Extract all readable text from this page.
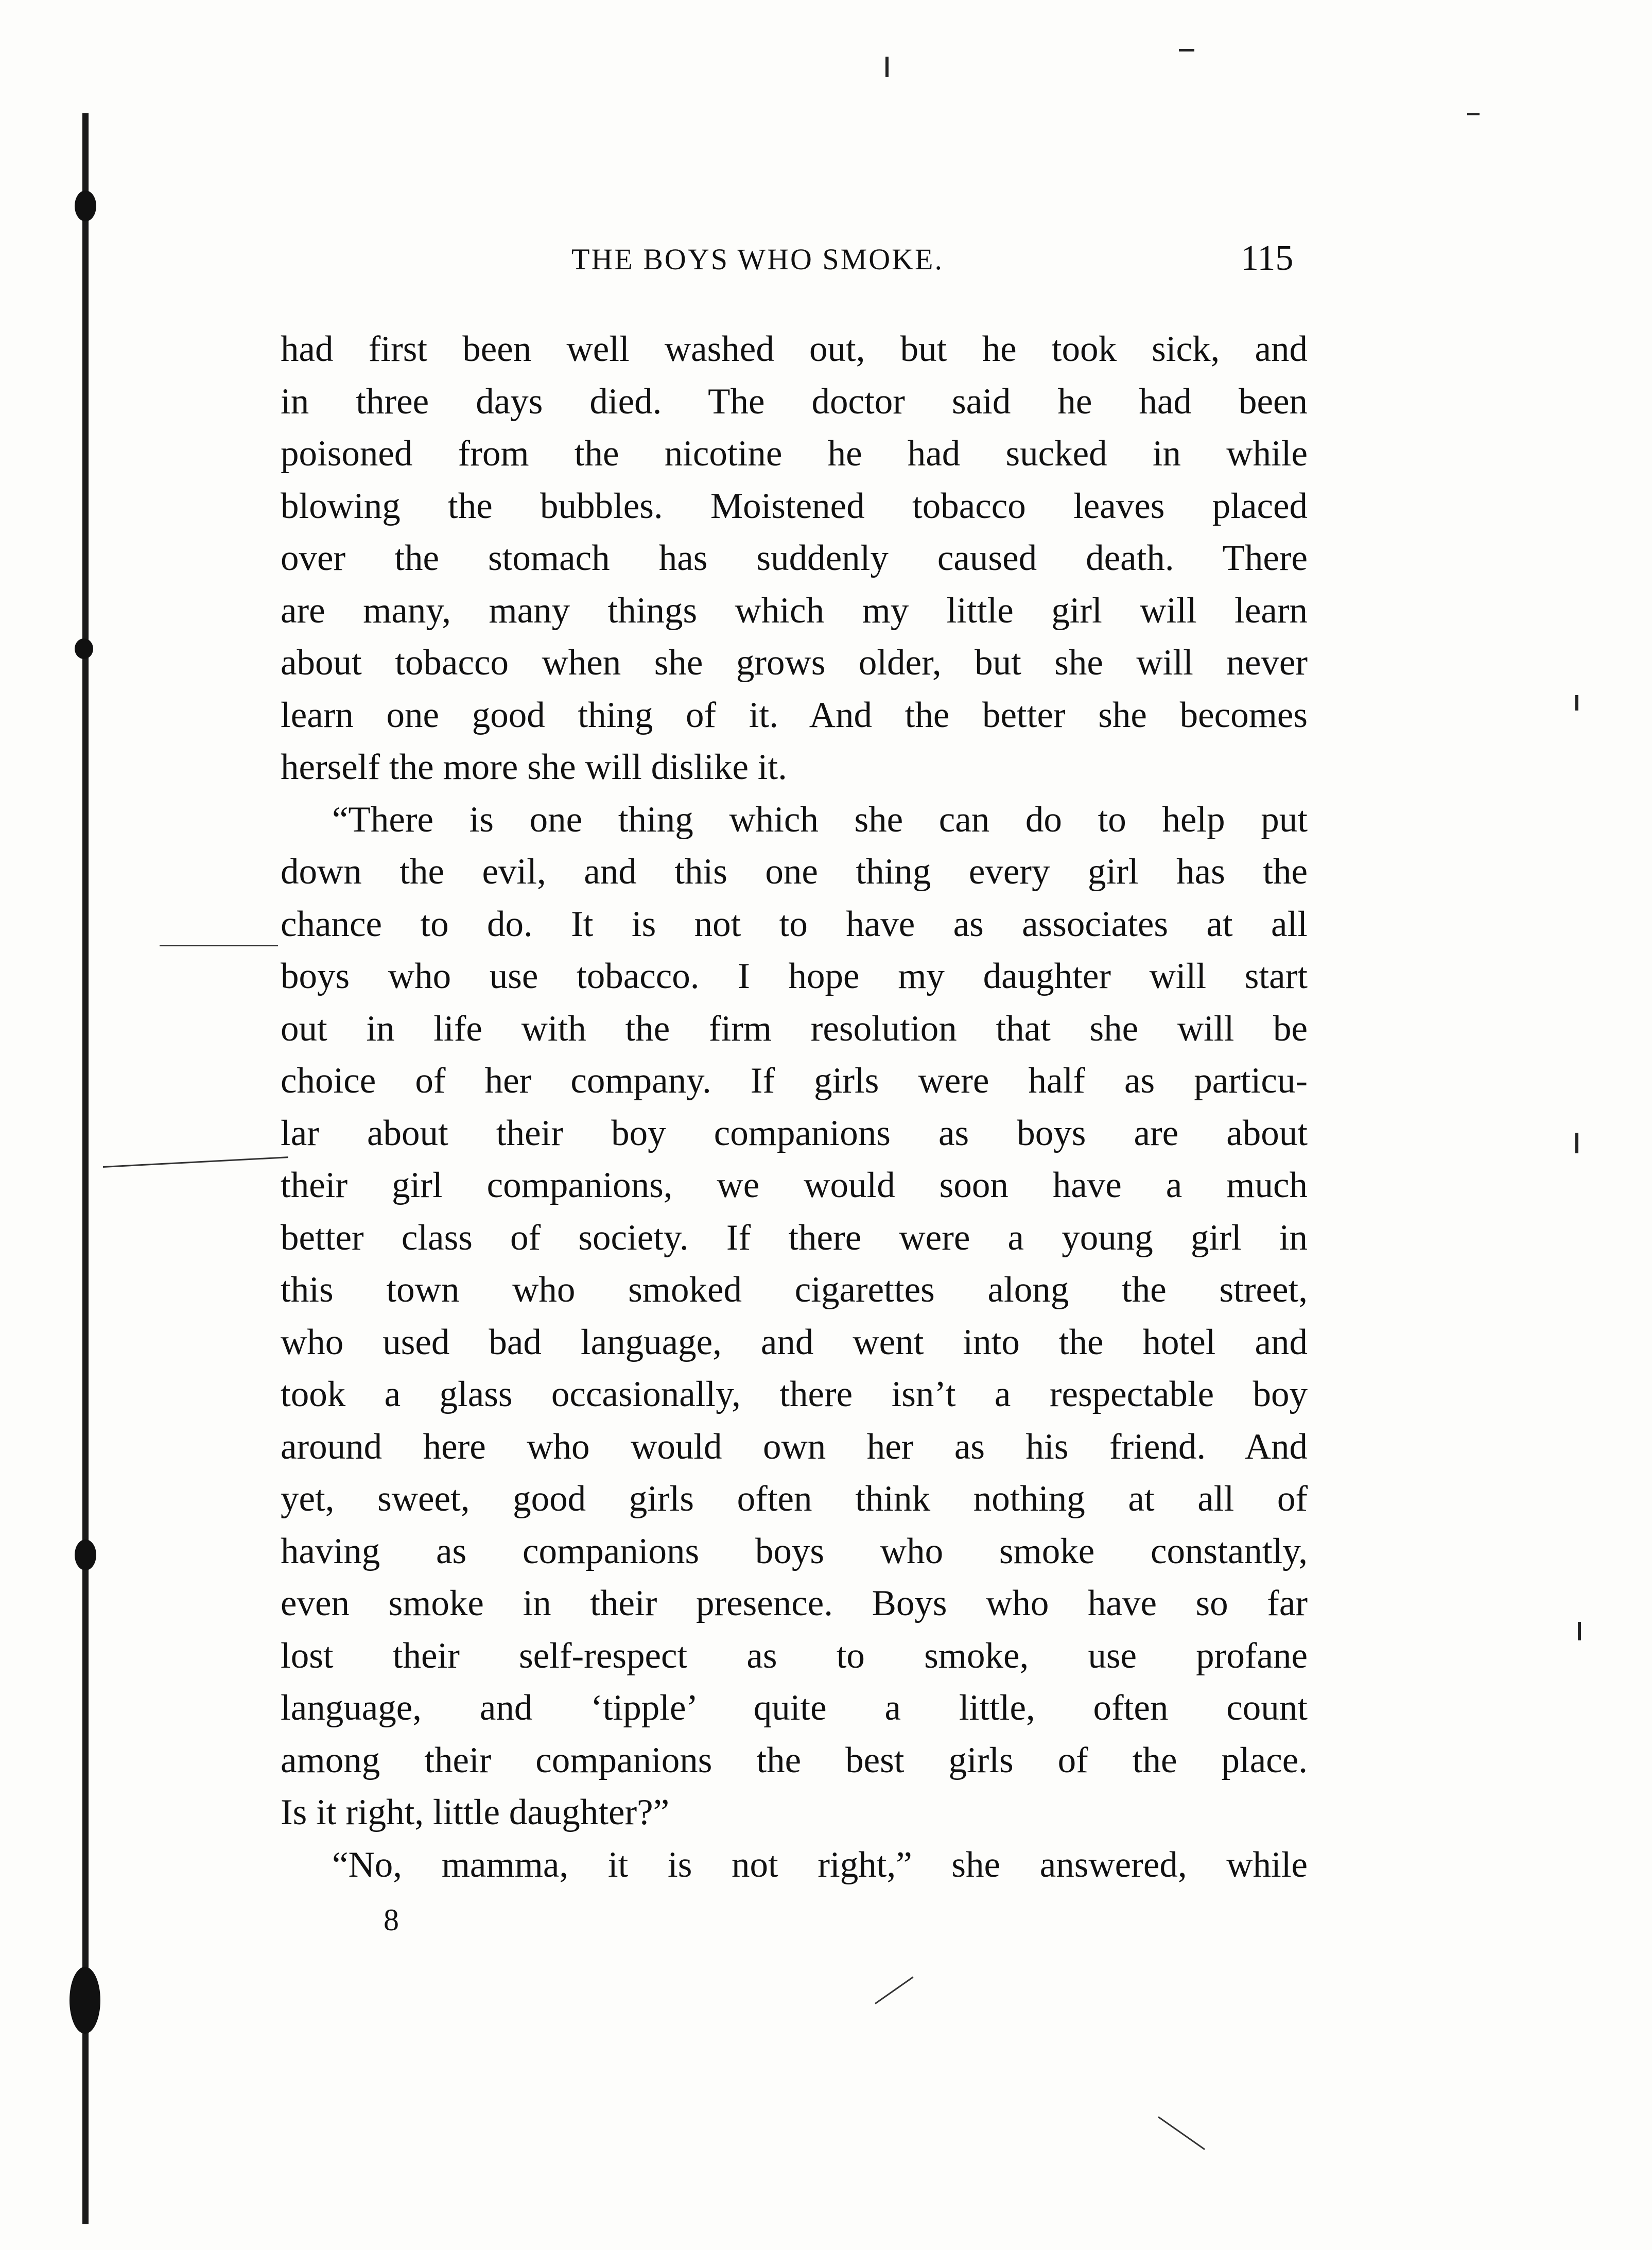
THE BOYS WHO SMOKE.	115
had first been well washed out, but he took sick, and
in three days died. The doctor said he had been
poisoned from the nicotine he had sucked in while
blowing the bubbles. Moistened tobacco leaves placed
over the stomach has suddenly caused death. There
are many, many things which my little girl will learn
about tobacco when she grows older, but she will never
learn one good thing of it. And the better she becomes
herself the more she will dislike it.
“There is one thing which she can do to help put
down the evil, and this one thing every girl has the
chance to do. It is not to have as associates at all
boys who use tobacco. I hope my daughter will start
out in life with the firm resolution that she will be
choice of her company. If girls were half as particu-
lar about their boy companions as boys are about
their girl companions, we would soon have a much
better class of society. If there were a young girl in
this town who smoked cigarettes along the street,
who used bad language, and went into the hotel and
took a glass occasionally, there isn’t a respectable boy
around here who would own her as his friend. And
yet, sweet, good girls often think nothing at all of
having as companions boys who smoke constantly,
even smoke in their presence. Boys who have so far
lost their self-respect as to smoke, use profane
language, and ‘tipple’ quite a little, often count
among their companions the best girls of the place.
Is it right, little daughter?”
“No, mamma, it is not right,” she answered, while
8
